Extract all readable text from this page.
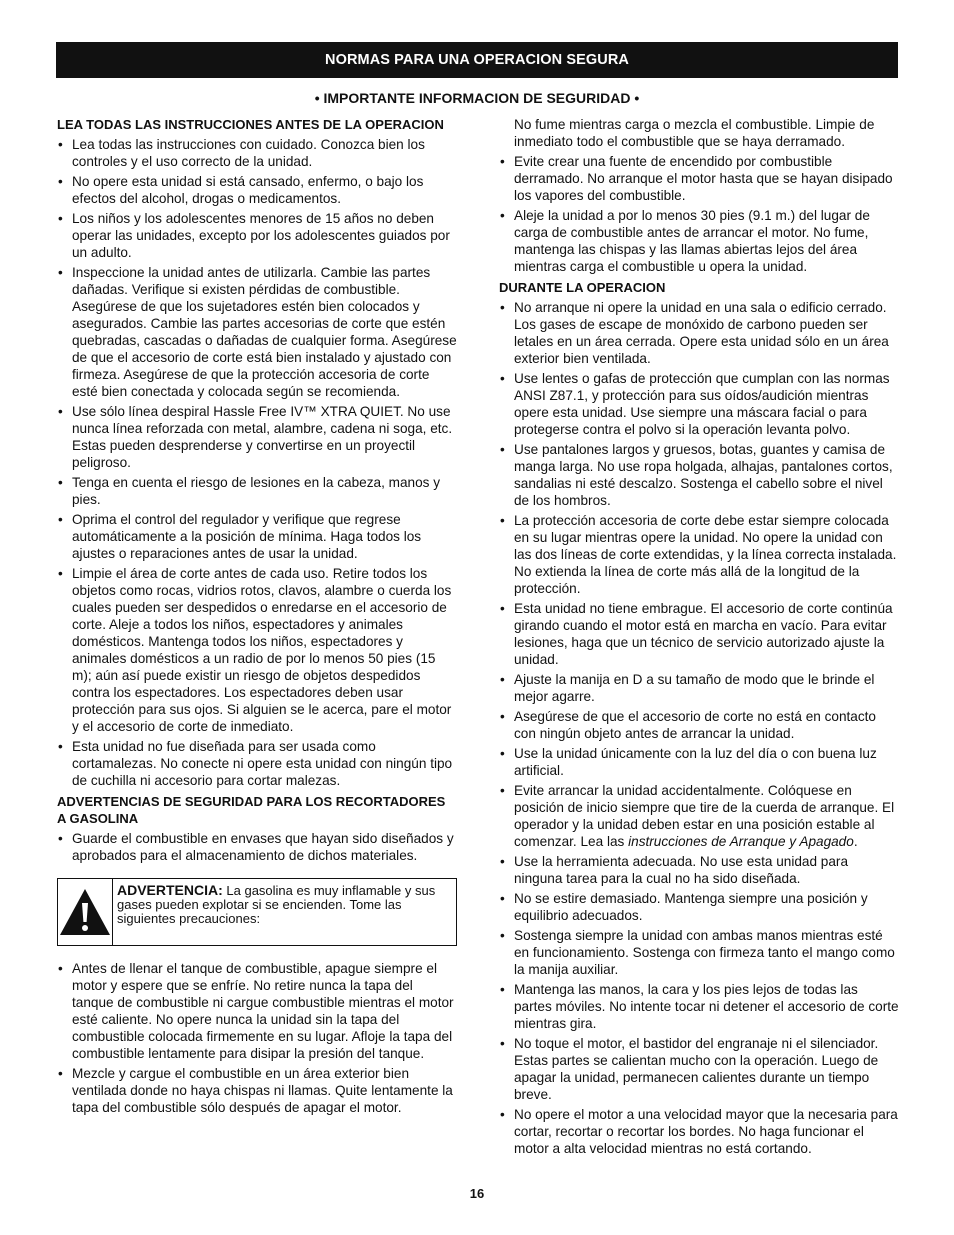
NORMAS PARA UNA OPERACION SEGURA
• IMPORTANTE INFORMACION DE SEGURIDAD •
LEA TODAS LAS INSTRUCCIONES ANTES DE LA OPERACION
• Lea todas las instrucciones con cuidado. Conozca bien los controles y el uso correcto de la unidad.
• No opere esta unidad si está cansado, enfermo, o bajo los efectos del alcohol, drogas o medicamentos.
• Los niños y los adolescentes menores de 15 años no deben operar las unidades, excepto por los adolescentes guiados por un adulto.
• Inspeccione la unidad antes de utilizarla. Cambie las partes dañadas. Verifique si existen pérdidas de combustible. Asegúrese de que los sujetadores estén bien colocados y asegurados. Cambie las partes accesorias de corte que estén quebradas, cascadas o dañadas de cualquier forma. Asegúrese de que el accesorio de corte está bien instalado y ajustado con firmeza. Asegúrese de que la protección accesoria de corte esté bien conectada y colocada según se recomienda.
• Use sólo línea despiral Hassle Free IV™ XTRA QUIET. No use nunca línea reforzada con metal, alambre, cadena ni soga, etc. Estas pueden desprenderse y convertirse en un proyectil peligroso.
• Tenga en cuenta el riesgo de lesiones en la cabeza, manos y pies.
• Oprima el control del regulador y verifique que regrese automáticamente a la posición de mínima. Haga todos los ajustes o reparaciones antes de usar la unidad.
• Limpie el área de corte antes de cada uso. Retire todos los objetos como rocas, vidrios rotos, clavos, alambre o cuerda los cuales pueden ser despedidos o enredarse en el accesorio de corte. Aleje a todos los niños, espectadores y animales domésticos. Mantenga todos los niños, espectadores y animales domésticos a un radio de por lo menos 50 pies (15 m); aún así puede existir un riesgo de objetos despedidos contra los espectadores. Los espectadores deben usar protección para sus ojos. Si alguien se le acerca, pare el motor y el accesorio de corte de inmediato.
• Esta unidad no fue diseñada para ser usada como cortamalezas. No conecte ni opere esta unidad con ningún tipo de cuchilla ni accesorio para cortar malezas.
ADVERTENCIAS DE SEGURIDAD PARA LOS RECORTADORES A GASOLINA
• Guarde el combustible en envases que hayan sido diseñados y aprobados para el almacenamiento de dichos materiales.
ADVERTENCIA: La gasolina es muy inflamable y sus gases pueden explotar si se encienden. Tome las siguientes precauciones:
• Antes de llenar el tanque de combustible, apague siempre el motor y espere que se enfríe. No retire nunca la tapa del tanque de combustible ni cargue combustible mientras el motor esté caliente. No opere nunca la unidad sin la tapa del combustible colocada firmemente en su lugar. Afloje la tapa del combustible lentamente para disipar la presión del tanque.
• Mezcle y cargue el combustible en un área exterior bien ventilada donde no haya chispas ni llamas. Quite lentamente la tapa del combustible sólo después de apagar el motor.

No fume mientras carga o mezcla el combustible. Limpie de inmediato todo el combustible que se haya derramado.

• Evite crear una fuente de encendido por combustible derramado. No arranque el motor hasta que se hayan disipado los vapores del combustible.
• Aleje la unidad a por lo menos 30 pies (9.1 m.) del lugar de carga de combustible antes de arrancar el motor. No fume, mantenga las chispas y las llamas abiertas lejos del área mientras carga el combustible u opera la unidad.
DURANTE LA OPERACION
• No arranque ni opere la unidad en una sala o edificio cerrado. Los gases de escape de monóxido de carbono pueden ser letales en un área cerrada. Opere esta unidad sólo en un área exterior bien ventilada.
• Use lentes o gafas de protección que cumplan con las normas ANSI Z87.1, y protección para sus oídos/audición mientras opere esta unidad. Use siempre una máscara facial o para protegerse contra el polvo si la operación levanta polvo.
• Use pantalones largos y gruesos, botas, guantes y camisa de manga larga. No use ropa holgada, alhajas, pantalones cortos, sandalias ni esté descalzo. Sostenga el cabello sobre el nivel de los hombros.
• La protección accesoria de corte debe estar siempre colocada en su lugar mientras opere la unidad. No opere la unidad con las dos líneas de corte extendidas, y la línea correcta instalada. No extienda la línea de corte más allá de la longitud de la protección.
• Esta unidad no tiene embrague. El accesorio de corte continúa girando cuando el motor está en marcha en vacío. Para evitar lesiones, haga que un técnico de servicio autorizado ajuste la unidad.
• Ajuste la manija en D a su tamaño de modo que le brinde el mejor agarre.
• Asegúrese de que el accesorio de corte no está en contacto con ningún objeto antes de arrancar la unidad.
• Use la unidad únicamente con la luz del día o con buena luz artificial.
• Evite arrancar la unidad accidentalmente. Colóquese en posición de inicio siempre que tire de la cuerda de arranque. El operador y la unidad deben estar en una posición estable al comenzar. Lea las instrucciones de Arranque y Apagado.
• Use la herramienta adecuada. No use esta unidad para ninguna tarea para la cual no ha sido diseñada.
• No se estire demasiado. Mantenga siempre una posición y equilibrio adecuados.
• Sostenga siempre la unidad con ambas manos mientras esté en funcionamiento. Sostenga con firmeza tanto el mango como la manija auxiliar.
• Mantenga las manos, la cara y los pies lejos de todas las partes móviles. No intente tocar ni detener el accesorio de corte mientras gira.
• No toque el motor, el bastidor del engranaje ni el silenciador. Estas partes se calientan mucho con la operación. Luego de apagar la unidad, permanecen calientes durante un tiempo breve.
• No opere el motor a una velocidad mayor que la necesaria para cortar, recortar o recortar los bordes. No haga funcionar el motor a alta velocidad mientras no está cortando.
16
